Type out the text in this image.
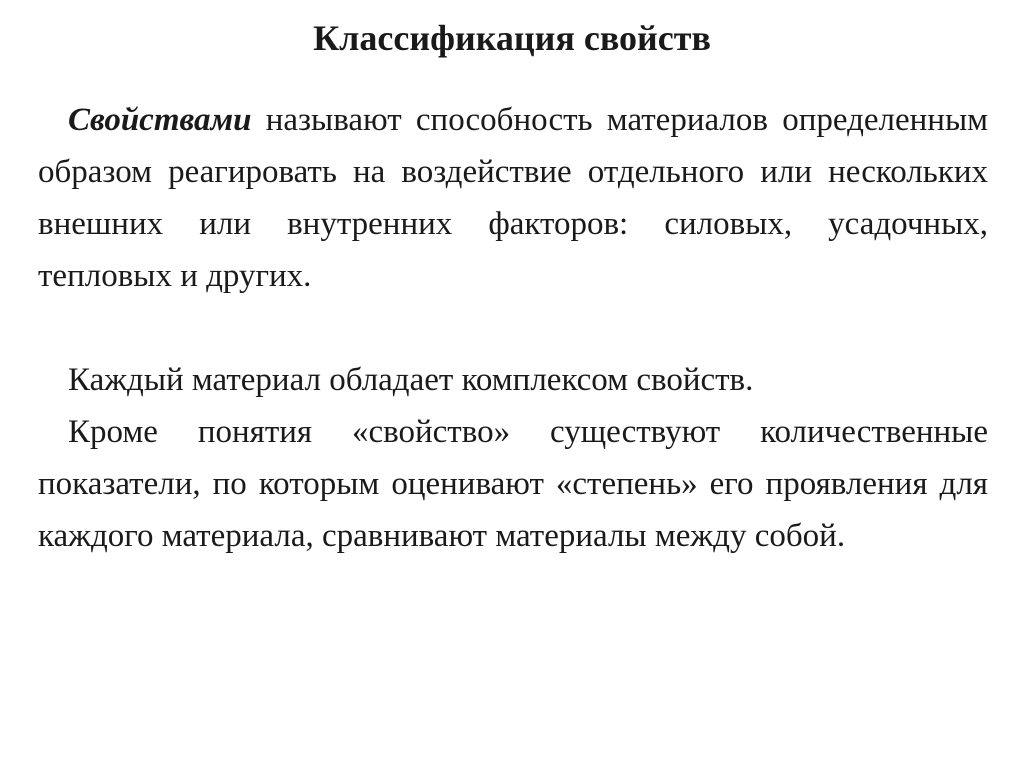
Классификация свойств

Свойствами называют способность материалов определенным образом реагировать на воздействие отдельного или нескольких внешних или внутренних факторов: силовых, усадочных, тепловых и других.

Каждый материал обладает комплексом свойств.

Кроме понятия «свойство» существуют количественные показатели, по которым оценивают «степень» его проявления для каждого материала, сравнивают материалы между собой.
